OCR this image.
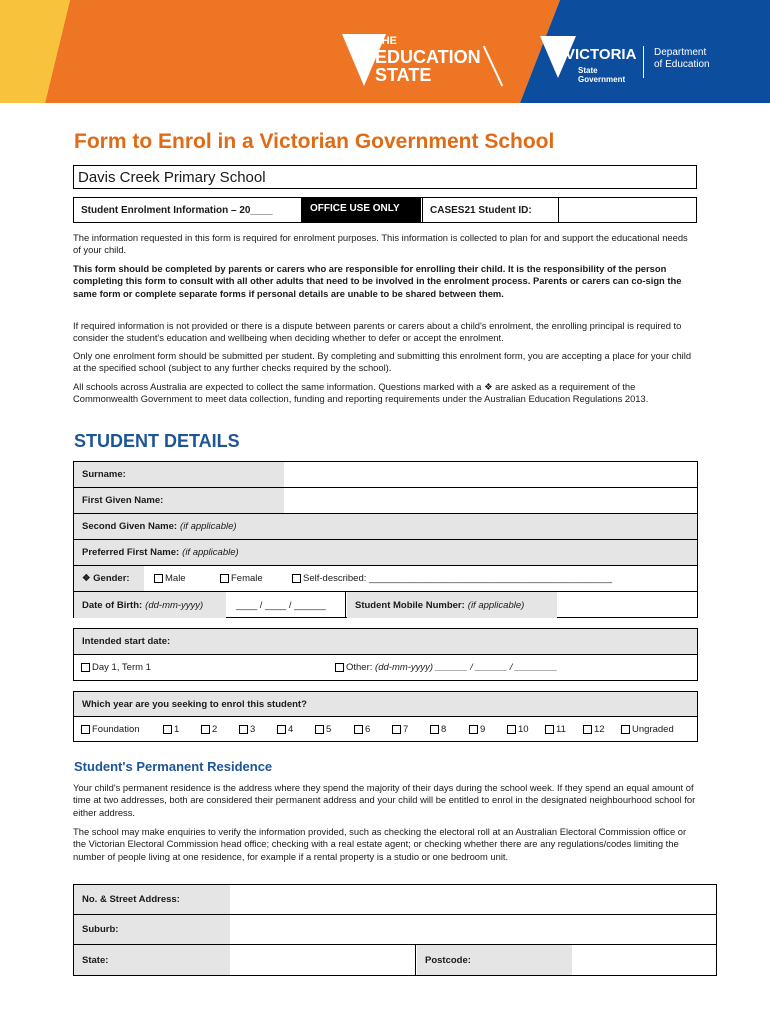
THE
EDUCATION
STATE
VICTORIA
State
Government
Department
of Education
Form to Enrol in a Victorian Government School
Davis Creek Primary School
Student Enrolment Information – 20____	OFFICE USE ONLY	CASES21 Student ID:
The information requested in this form is required for enrolment purposes. This information is collected to plan for and support the educational needs of your child.
This form should be completed by parents or carers who are responsible for enrolling their child. It is the responsibility of the person completing this form to consult with all other adults that need to be involved in the enrolment process. Parents or carers can co-sign the same form or complete separate forms if personal details are unable to be shared between them.
If required information is not provided or there is a dispute between parents or carers about a child's enrolment, the enrolling principal is required to consider the student's education and wellbeing when deciding whether to defer or accept the enrolment.
Only one enrolment form should be submitted per student. By completing and submitting this enrolment form, you are accepting a place for your child at the specified school (subject to any further checks required by the school).
All schools across Australia are expected to collect the same information. Questions marked with a ❖ are asked as a requirement of the Commonwealth Government to meet data collection, funding and reporting requirements under the Australian Education Regulations 2013.
STUDENT DETAILS
Surname:
First Given Name:
Second Given Name: (if applicable)
Preferred First Name: (if applicable)
❖ Gender:	Male	Female	Self-described: ______________________________________________
Date of Birth: (dd-mm-yyyy)	____ / ____ / ______	Student Mobile Number: (if applicable)
Intended start date:
Day 1, Term 1	Other:
(dd-mm-yyyy) ______ / ______ / ________
Which year are you seeking to enrol this student?
Foundation	1	2	3	4	5	6	7	8	9	10	11	12	Ungraded
Student's Permanent Residence
Your child's permanent residence is the address where they spend the majority of their days during the school week. If they spend an equal amount of time at two addresses, both are considered their permanent address and your child will be entitled to enrol in the designated neighbourhood school for either address.
The school may make enquiries to verify the information provided, such as checking the electoral roll at an Australian Electoral Commission office or the Victorian Electoral Commission head office; checking with a real estate agent; or checking whether there are any regulations/codes limiting the number of people living at one residence, for example if a rental property is a studio or one bedroom unit.
No. & Street Address:
Suburb:
State:	Postcode:
